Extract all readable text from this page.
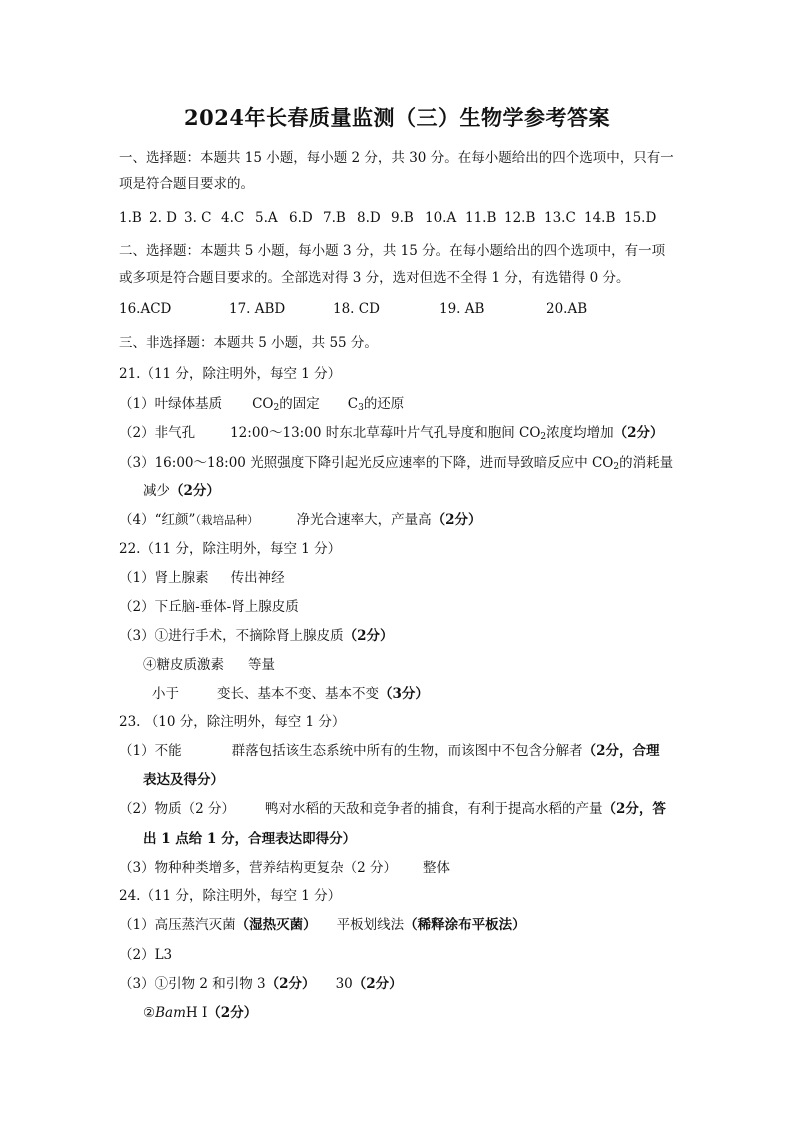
2024年长春质量监测（三）生物学参考答案
一、选择题：本题共 15 小题，每小题 2 分，共 30 分。在每小题给出的四个选项中，只有一
项是符合题目要求的。
1.B 2. D 3. C 4.C 5.A 6.D 7.B 8.D 9.B 10.A 11.B 12.B 13.C 14.B 15.D
二、选择题：本题共 5 小题，每小题 3 分，共 15 分。在每小题给出的四个选项中，有一项
或多项是符合题目要求的。全部选对得 3 分，选对但选不全得 1 分，有选错得 0 分。
16.ACD	17. ABD	18. CD	19. AB	20.AB
三、非选择题：本题共 5 小题，共 55 分。
21.（11 分，除注明外，每空 1 分）
（1）叶绿体基质 $CO_2$的固定 $C_3$的还原
（2）非气孔	12:00～13:00 时东北草莓叶片气孔导度和胞间 $CO_2$浓度均增加（2分）
（3）16:00～18:00 光照强度下降引起光反应速率的下降，进而导致暗反应中 $CO_2$的消耗量
减少（2分）
（4）“红颜”（栽培品种）	净光合速率大，产量高（2分）
22.（11 分，除注明外，每空 1 分）
（1）肾上腺素 传出神经
（2）下丘脑-垂体-肾上腺皮质
（3）①进行手术，不摘除肾上腺皮质（2分）
④糖皮质激素 等量
小于	变长、基本不变、基本不变（3分）
23. （10 分，除注明外，每空 1 分）
（1）不能	群落包括该生态系统中所有的生物，而该图中不包含分解者（2分，合理
表达及得分）
（2）物质（2 分） 鸭对水稻的天敌和竞争者的捕食，有利于提高水稻的产量（2分，答
出 1 点给 1 分，合理表达即得分）
（3）物种种类增多，营养结构更复杂（2 分） 整体
24.（11 分，除注明外，每空 1 分）
（1）高压蒸汽灭菌（湿热灭菌） 平板划线法（稀释涂布平板法）
（2）L3
（3）①引物 2 和引物 3（2分） 30（2分）
②BamH I（2分）
